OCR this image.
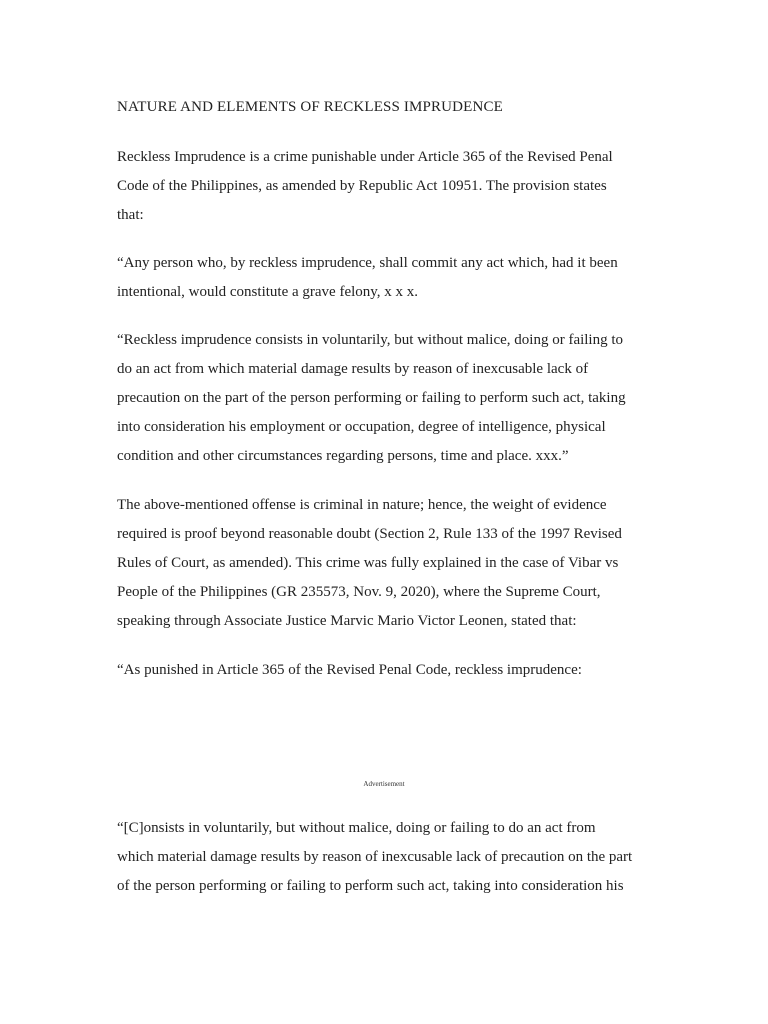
NATURE AND ELEMENTS OF RECKLESS IMPRUDENCE

Reckless Imprudence is a crime punishable under Article 365 of the Revised Penal
Code of the Philippines, as amended by Republic Act 10951. The provision states
that:

“Any person who, by reckless imprudence, shall commit any act which, had it been
intentional, would constitute a grave felony, x x x.

“Reckless imprudence consists in voluntarily, but without malice, doing or failing to
do an act from which material damage results by reason of inexcusable lack of
precaution on the part of the person performing or failing to perform such act, taking
into consideration his employment or occupation, degree of intelligence, physical
condition and other circumstances regarding persons, time and place. xxx.”

The above-mentioned offense is criminal in nature; hence, the weight of evidence
required is proof beyond reasonable doubt (Section 2, Rule 133 of the 1997 Revised
Rules of Court, as amended). This crime was fully explained in the case of Vibar vs
People of the Philippines (GR 235573, Nov. 9, 2020), where the Supreme Court,
speaking through Associate Justice Marvic Mario Victor Leonen, stated that:

“As punished in Article 365 of the Revised Penal Code, reckless imprudence:

Advertisement

“[C]onsists in voluntarily, but without malice, doing or failing to do an act from
which material damage results by reason of inexcusable lack of precaution on the part
of the person performing or failing to perform such act, taking into consideration his
